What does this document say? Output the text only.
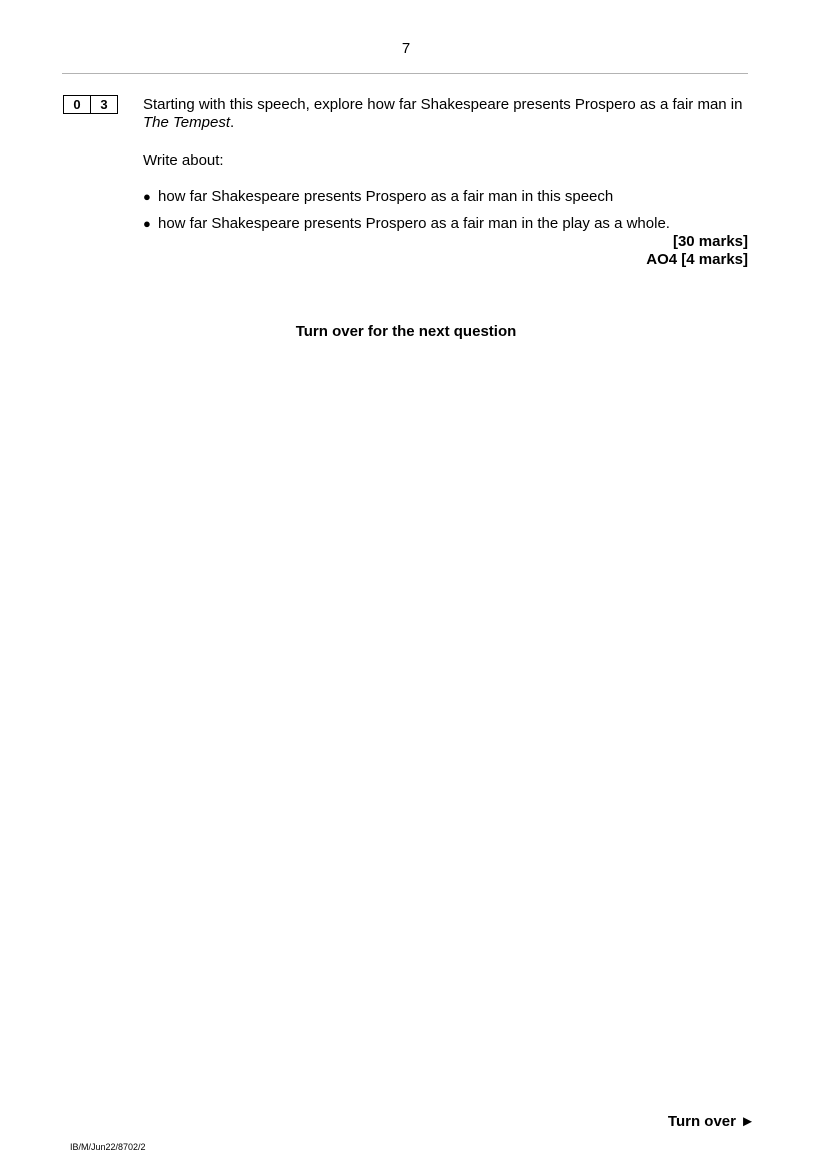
7
0	3	Starting with this speech, explore how far Shakespeare presents Prospero as a fair man in The Tempest.

Write about:
● how far Shakespeare presents Prospero as a fair man in this speech
● how far Shakespeare presents Prospero as a fair man in the play as a whole.
[30 marks]
AO4 [4 marks]
Turn over for the next question
Turn over ►
IB/M/Jun22/8702/2
